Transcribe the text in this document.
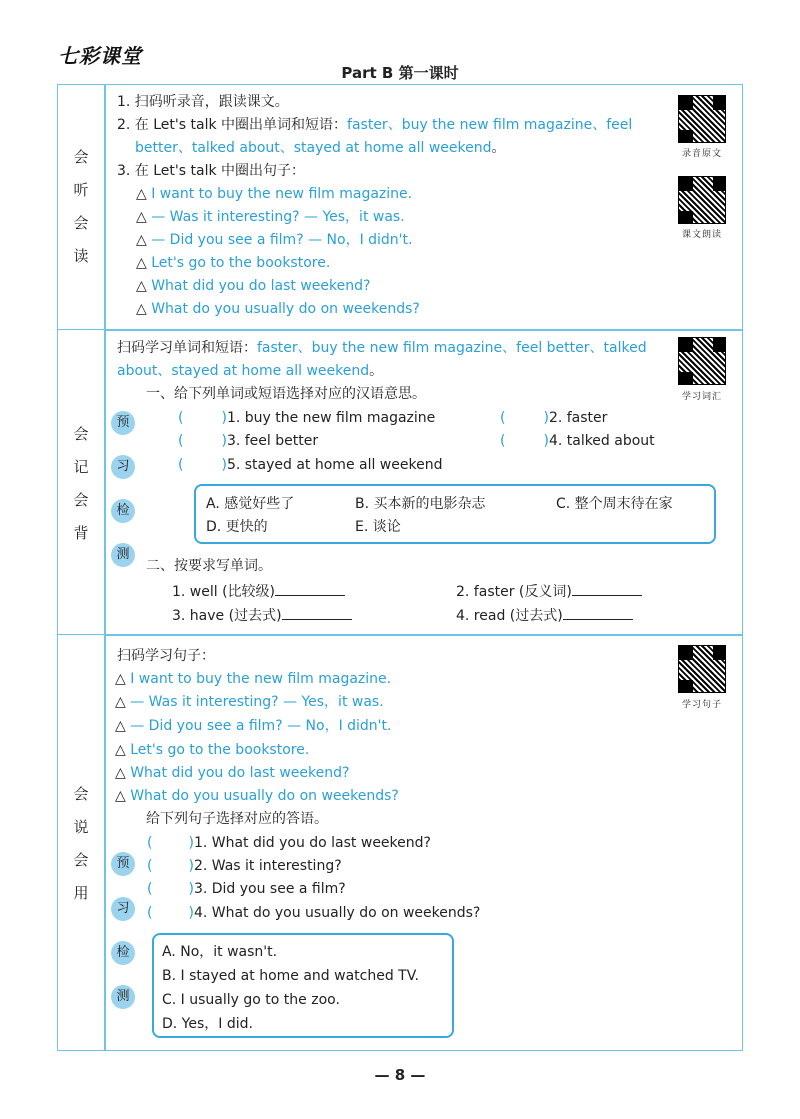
七彩课堂
Part B 第一课时
会
听
会
读
1. 扫码听录音，跟读课文。
2. 在 Let's talk 中圈出单词和短语：faster、buy the new film magazine、feel
better、talked about、stayed at home all weekend。
3. 在 Let's talk 中圈出句子：
△ I want to buy the new film magazine.
△ — Was it interesting? — Yes，it was.
△ — Did you see a film? — No，I didn't.
△ Let's go to the bookstore.
△ What did you do last weekend?
△ What do you usually do on weekends?
录音原文
课文朗读
会
记
会
背
扫码学习单词和短语：faster、buy the new film magazine、feel better、talked
about、stayed at home all weekend。
一、给下列单词或短语选择对应的汉语意思。
预
习
检
测
(	)1. buy the new film magazine	(	)2. faster
(	)3. feel better	(	)4. talked about
(	)5. stayed at home all weekend
A. 感觉好些了	B. 买本新的电影杂志	C. 整个周末待在家
D. 更快的	E. 谈论
二、按要求写单词。
1. well (比较级)	2. faster (反义词)
3. have (过去式)	4. read (过去式)
学习词汇
会
说
会
用
扫码学习句子：
△ I want to buy the new film magazine.
△ — Was it interesting? — Yes，it was.
△ — Did you see a film? — No，I didn't.
△ Let's go to the bookstore.
△ What did you do last weekend?
△ What do you usually do on weekends?
给下列句子选择对应的答语。
预
习
检
测
(	)1. What did you do last weekend?
(	)2. Was it interesting?
(	)3. Did you see a film?
(	)4. What do you usually do on weekends?
A. No，it wasn't.
B. I stayed at home and watched TV.
C. I usually go to the zoo.
D. Yes，I did.
学习句子
— 8 —
